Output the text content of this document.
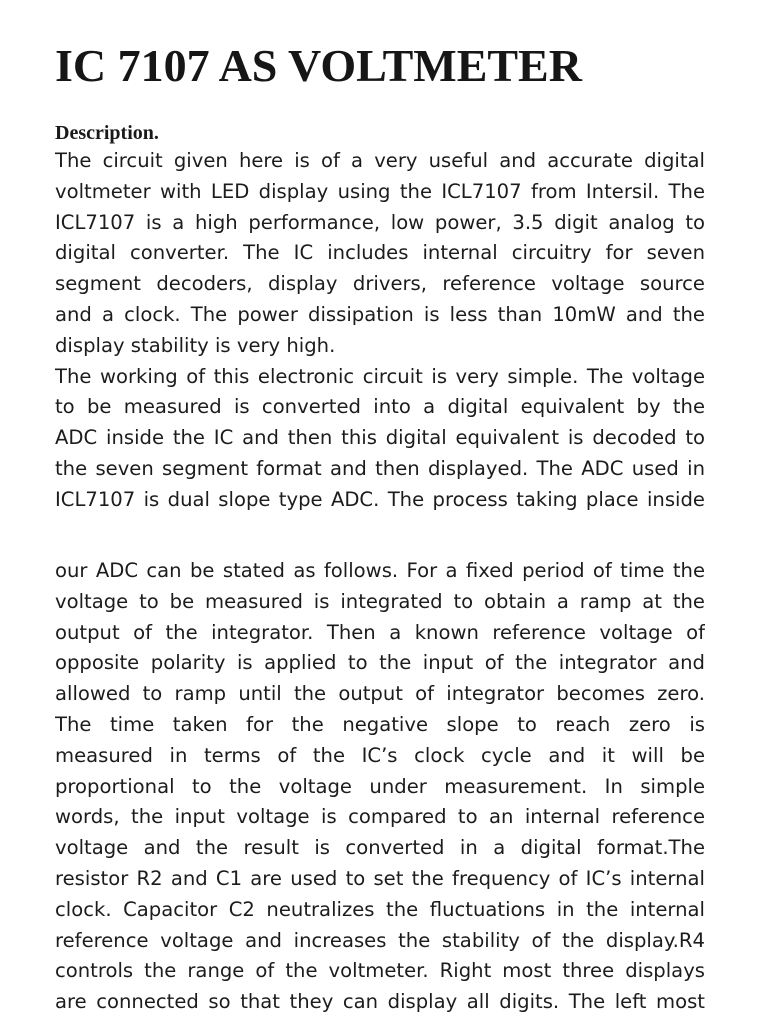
IC 7107 AS VOLTMETER
Description.
The circuit given here is of a very useful and accurate digital
voltmeter with LED display using the ICL7107 from Intersil. The
ICL7107 is a high performance, low power, 3.5 digit analog to
digital converter. The IC includes internal circuitry for seven
segment decoders, display drivers, reference voltage source
and a clock. The power dissipation is less than 10mW and the
display stability is very high.
The working of this electronic circuit is very simple. The voltage
to be measured is converted into a digital equivalent by the
ADC inside the IC and then this digital equivalent is decoded to
the seven segment format and then displayed. The ADC used in
ICL7107 is dual slope type ADC. The process taking place inside
our ADC can be stated as follows. For a fixed period of time the
voltage to be measured is integrated to obtain a ramp at the
output of the integrator. Then a known reference voltage of
opposite polarity is applied to the input of the integrator and
allowed to ramp until the output of integrator becomes zero.
The time taken for the negative slope to reach zero is
measured in terms of the IC’s clock cycle and it will be
proportional to the voltage under measurement. In simple
words, the input voltage is compared to an internal reference
voltage and the result is converted in a digital format.The
resistor R2 and C1 are used to set the frequency of IC’s internal
clock. Capacitor C2 neutralizes the fluctuations in the internal
reference voltage and increases the stability of the display.R4
controls the range of the voltmeter. Right most three displays
are connected so that they can display all digits. The left most
